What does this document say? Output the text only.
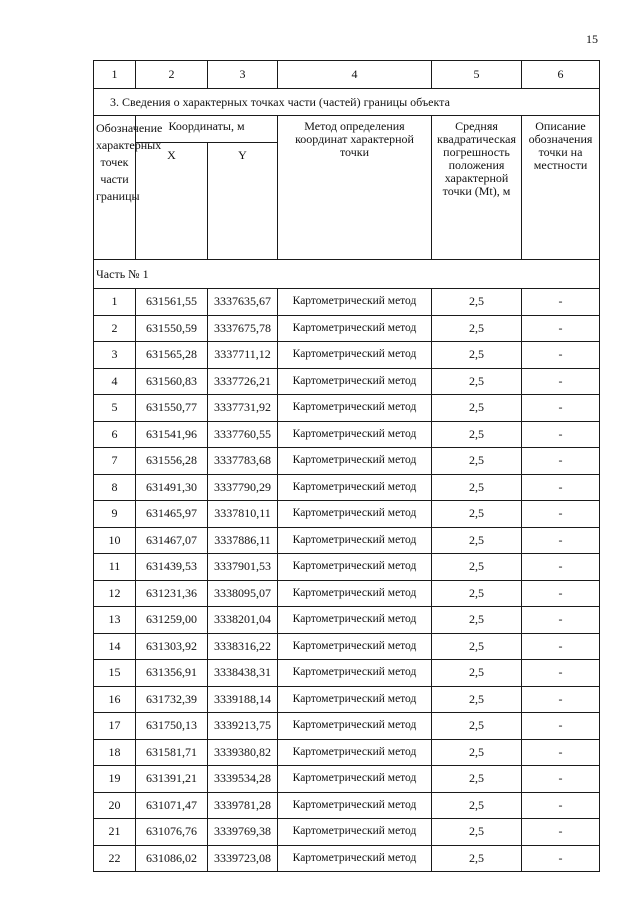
15
1	2	3	4	5	6
3. Сведения о характерных точках части (частей) границы объекта					
Обозначение характерных точек части границы	Координаты, м		Метод определения координат характерной точки	Средняя квадратическая погрешность положения характерной точки (Mt), м	Описание обозначения точки на местности
	X	Y			
Часть № 1					
1	631561,55	3337635,67	Картометрический метод	2,5	-
2	631550,59	3337675,78	Картометрический метод	2,5	-
3	631565,28	3337711,12	Картометрический метод	2,5	-
4	631560,83	3337726,21	Картометрический метод	2,5	-
5	631550,77	3337731,92	Картометрический метод	2,5	-
6	631541,96	3337760,55	Картометрический метод	2,5	-
7	631556,28	3337783,68	Картометрический метод	2,5	-
8	631491,30	3337790,29	Картометрический метод	2,5	-
9	631465,97	3337810,11	Картометрический метод	2,5	-
10	631467,07	3337886,11	Картометрический метод	2,5	-
11	631439,53	3337901,53	Картометрический метод	2,5	-
12	631231,36	3338095,07	Картометрический метод	2,5	-
13	631259,00	3338201,04	Картометрический метод	2,5	-
14	631303,92	3338316,22	Картометрический метод	2,5	-
15	631356,91	3338438,31	Картометрический метод	2,5	-
16	631732,39	3339188,14	Картометрический метод	2,5	-
17	631750,13	3339213,75	Картометрический метод	2,5	-
18	631581,71	3339380,82	Картометрический метод	2,5	-
19	631391,21	3339534,28	Картометрический метод	2,5	-
20	631071,47	3339781,28	Картометрический метод	2,5	-
21	631076,76	3339769,38	Картометрический метод	2,5	-
22	631086,02	3339723,08	Картометрический метод	2,5	-
